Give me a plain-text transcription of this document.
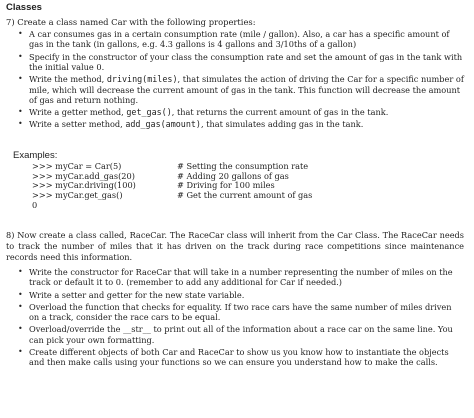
Classes
7) Create a class named Car with the following properties:
• A car consumes gas in a certain consumption rate (mile / gallon). Also, a car has a specific amount of gas in the tank (in gallons, e.g. 4.3 gallons is 4 gallons and 3/10ths of a gallon)
• Specify in the constructor of your class the consumption rate and set the amount of gas in the tank with the initial value 0.
• Write the method, driving(miles), that simulates the action of driving the Car for a specific number of mile, which will decrease the current amount of gas in the tank. This function will decrease the amount of gas and return nothing.
• Write a getter method, get_gas(), that returns the current amount of gas in the tank.
• Write a setter method, add_gas(amount), that simulates adding gas in the tank.
Examples:
>>> myCar = Car(5)	# Setting the consumption rate
>>> myCar.add_gas(20)	# Adding 20 gallons of gas
>>> myCar.driving(100)	# Driving for 100 miles
>>> myCar.get_gas()	# Get the current amount of gas
0
8) Now create a class called, RaceCar. The RaceCar class will inherit from the Car Class. The RaceCar needs to track the number of miles that it has driven on the track during race competitions since maintenance records need this information.
• Write the constructor for RaceCar that will take in a number representing the number of miles on the track or default it to 0. (remember to add any additional for Car if needed.)
• Write a setter and getter for the new state variable.
• Overload the function that checks for equality. If two race cars have the same number of miles driven on a track, consider the race cars to be equal.
• Overload/override the __str__ to print out all of the information about a race car on the same line. You can pick your own formatting.
• Create different objects of both Car and RaceCar to show us you know how to instantiate the objects and then make calls using your functions so we can ensure you understand how to make the calls.
